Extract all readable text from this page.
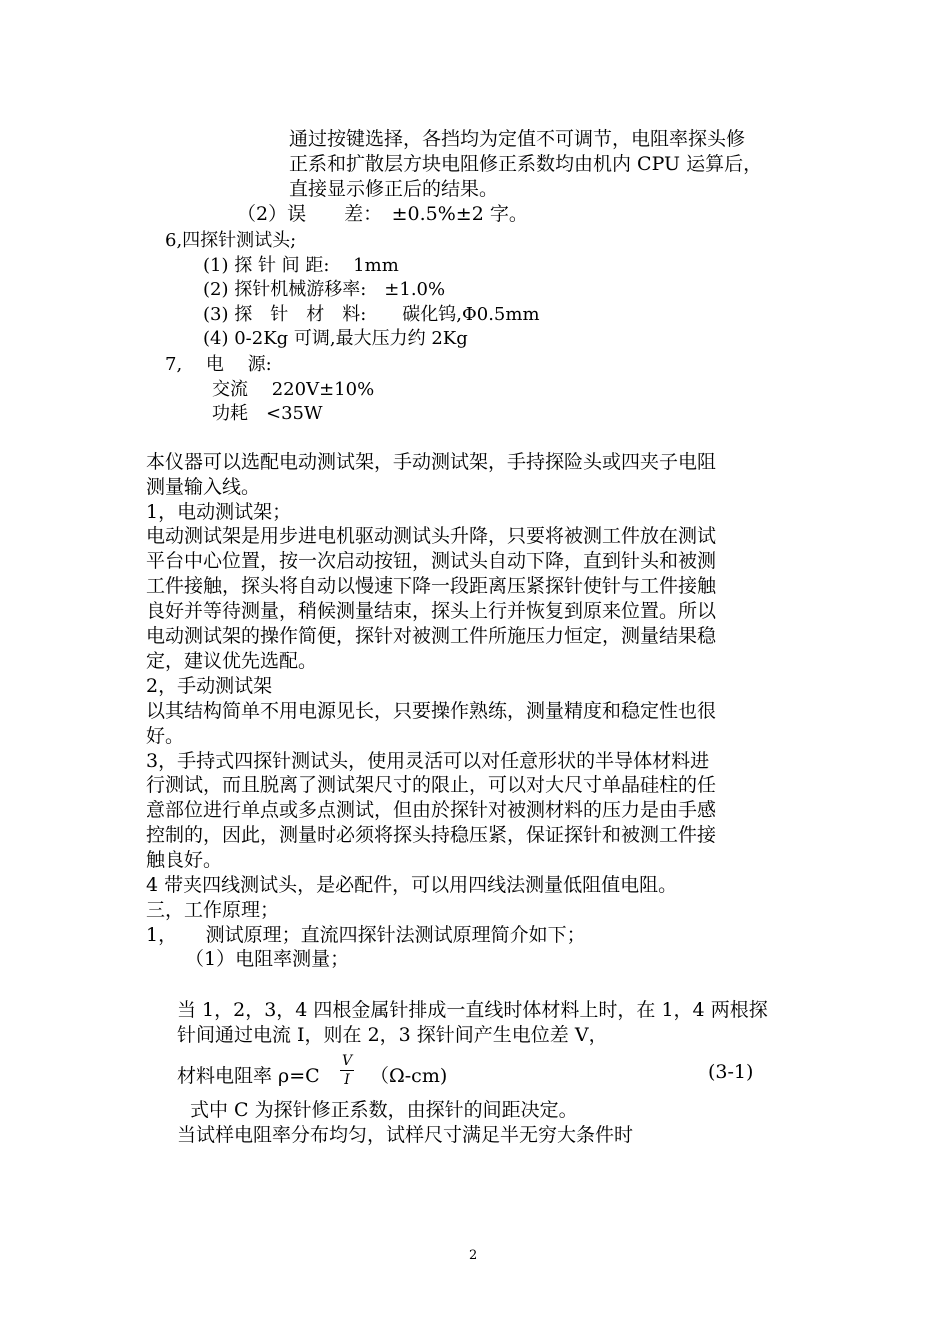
通过按键选择，各挡均为定值不可调节，电阻率探头修
正系和扩散层方块电阻修正系数均由机内 CPU 运算后，
直接显示修正后的结果。
（2）误　　差：　±0.5%±2 字。
6,四探针测试头;
(1) 探 针 间 距:　 1mm
(2) 探针机械游移率:　±1.0%
(3) 探　针　材　料:　　碳化钨,Φ0.5mm
(4) 0-2Kg 可调,最大压力约 2Kg
7,　 电　 源:
交流　 220V±10%
功耗　<35W
本仪器可以选配电动测试架，手动测试架，手持探险头或四夹子电阻
测量输入线。
1，电动测试架；
电动测试架是用步进电机驱动测试头升降，只要将被测工件放在测试
平台中心位置，按一次启动按钮，测试头自动下降，直到针头和被测
工件接触，探头将自动以慢速下降一段距离压紧探针使针与工件接触
良好并等待测量，稍候测量结束，探头上行并恢复到原来位置。所以
电动测试架的操作简便，探针对被测工件所施压力恒定，测量结果稳
定，建议优先选配。
2，手动测试架
以其结构简单不用电源见长，只要操作熟练，测量精度和稳定性也很
好。
3，手持式四探针测试头，使用灵活可以对任意形状的半导体材料进
行测试，而且脱离了测试架尺寸的限止，可以对大尺寸单晶硅柱的任
意部位进行单点或多点测试，但由於探针对被测材料的压力是由手感
控制的，因此，测量时必须将探头持稳压紧，保证探针和被测工件接
触良好。
4 带夹四线测试头，是必配件，可以用四线法测量低阻值电阻。
三，工作原理；
1，　　测试原理；直流四探针法测试原理简介如下；
（1）电阻率测量；
当 1，2，3，4 四根金属针排成一直线时体材料上时，在 1，4 两根探
针间通过电流 I，则在 2，3 探针间产生电位差 V，
材料电阻率 ρ=C
V
I （Ω-cm)	(3-1)
式中 C 为探针修正系数，由探针的间距决定。
当试样电阻率分布均匀，试样尺寸满足半无穷大条件时
2
